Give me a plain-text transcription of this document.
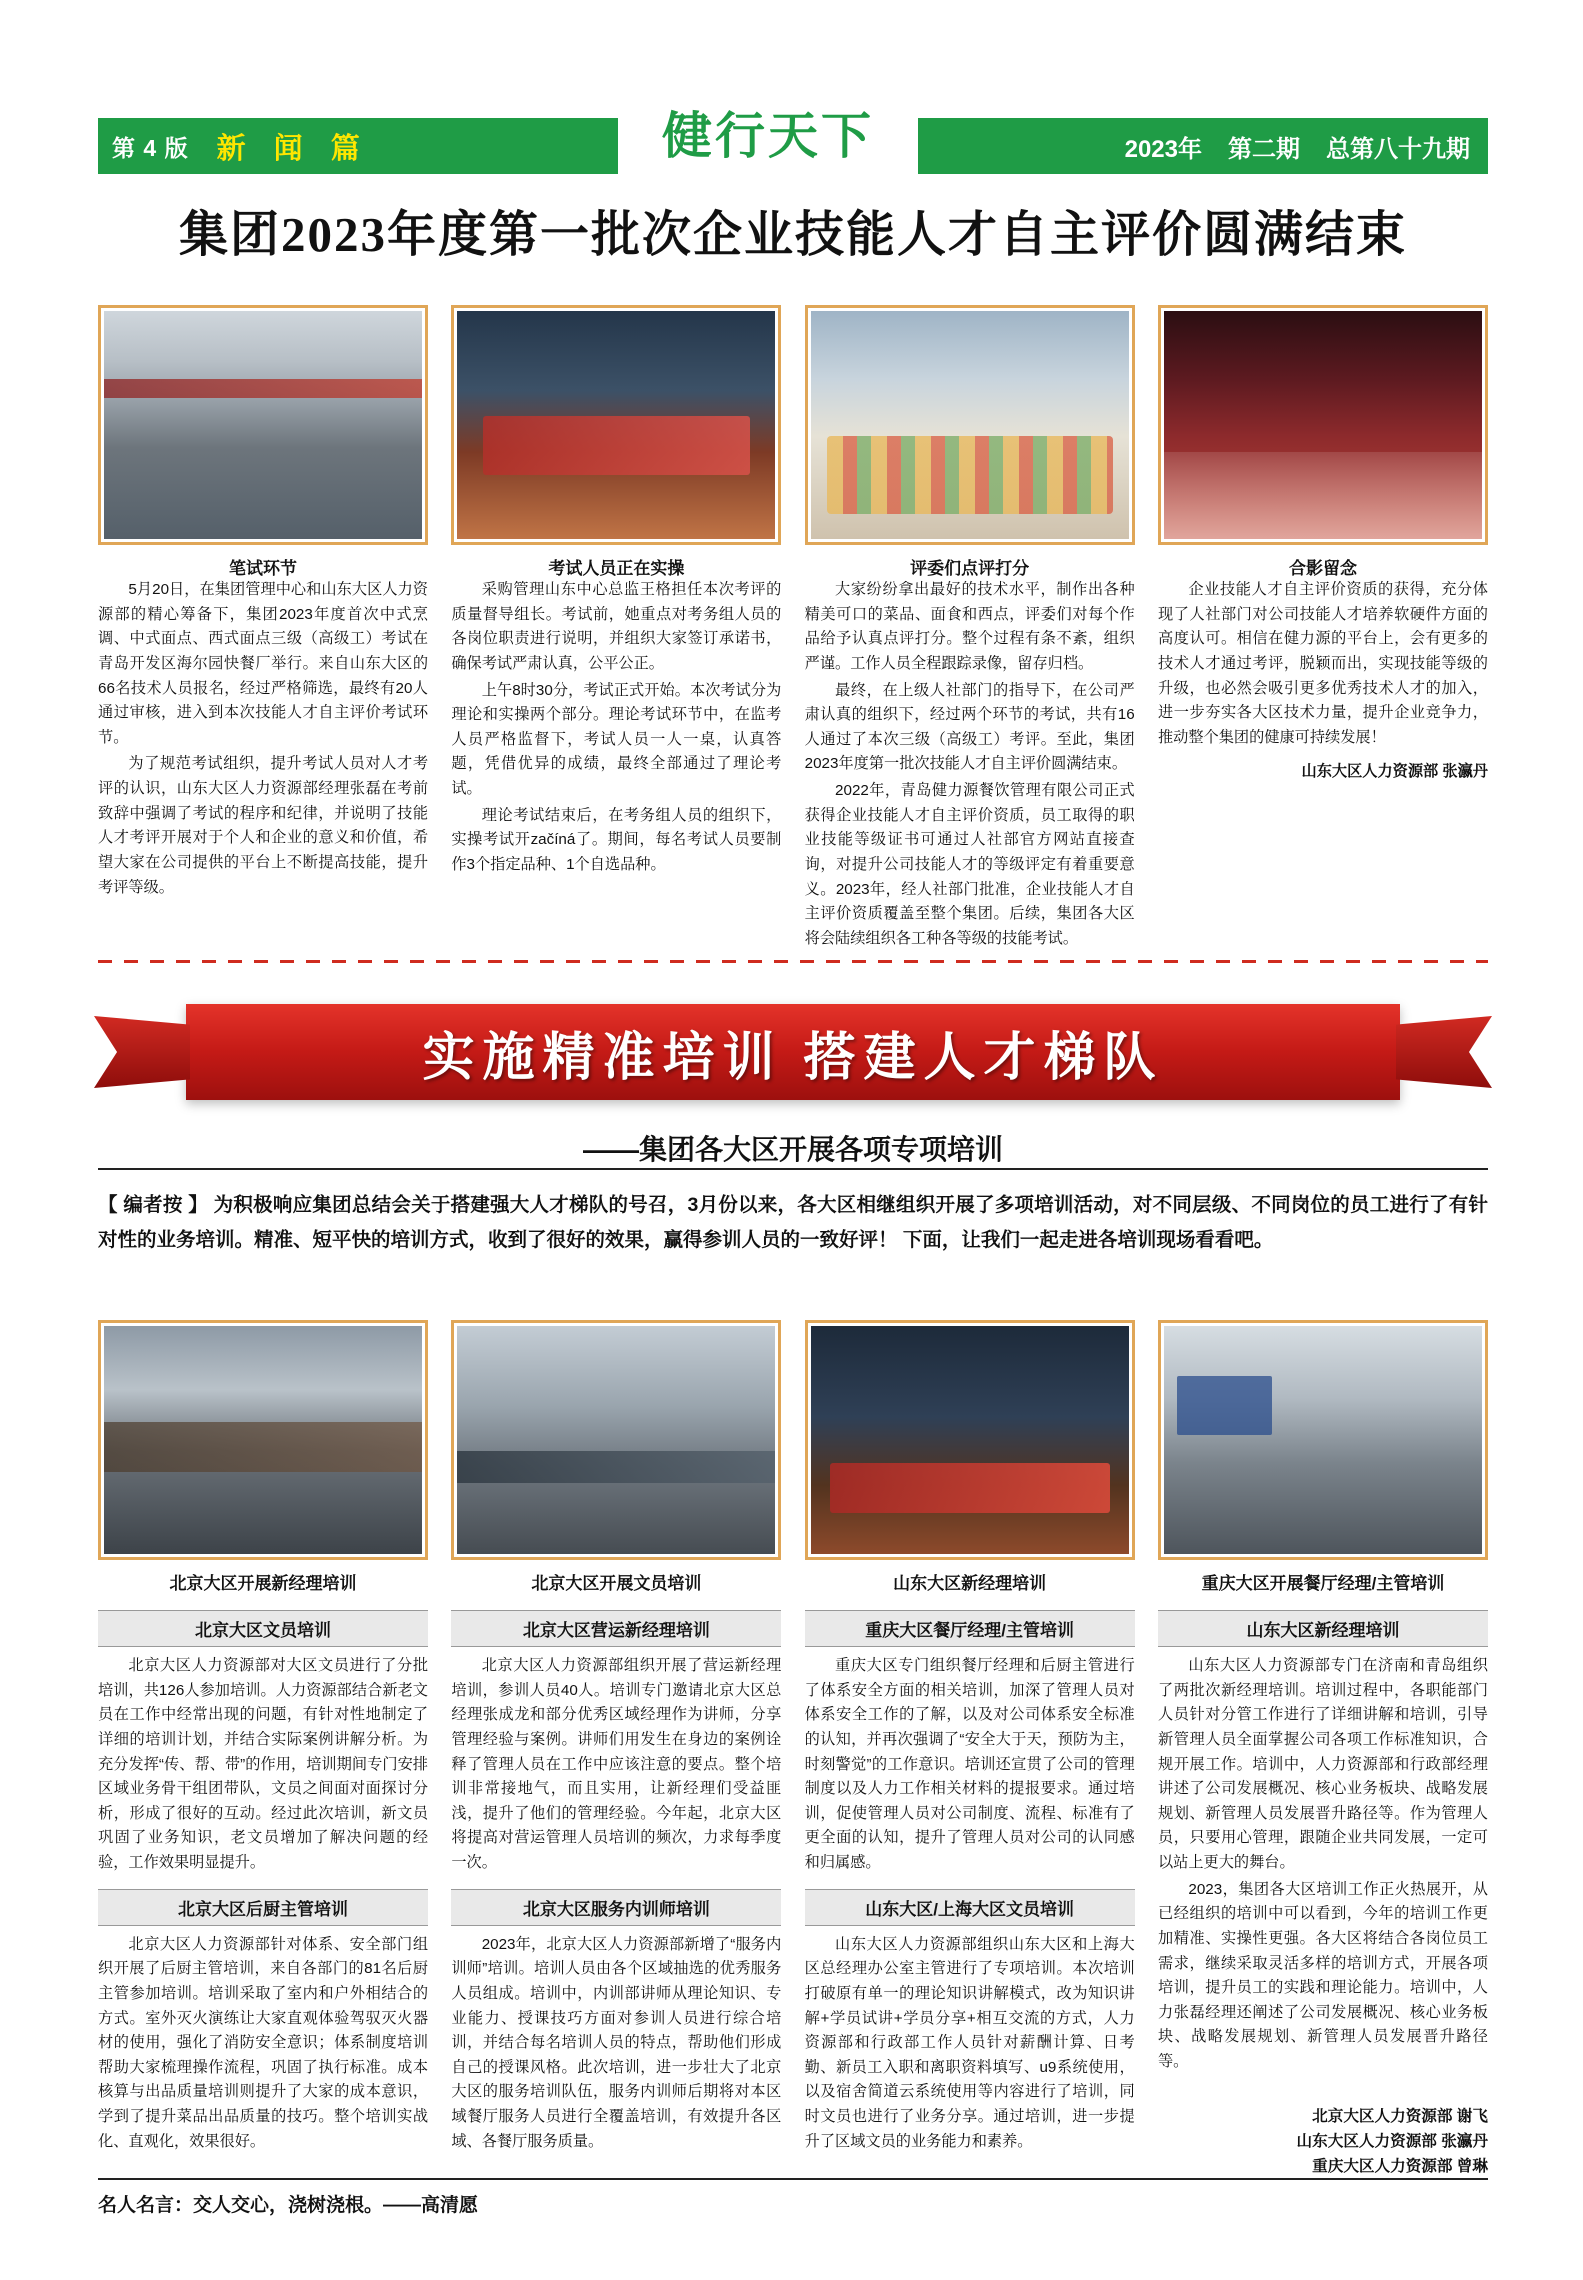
第 4 版 新 闻 篇	2023年 第二期 总第八十九期
健行天下
集团2023年度第一批次企业技能人才自主评价圆满结束
笔试环节	考试人员正在实操	评委们点评打分	合影留念

5月20日，在集团管理中心和山东大区人力资源部的精心筹备下，集团2023年度首次中式烹调、中式面点、西式面点三级（高级工）考试在青岛开发区海尔园快餐厂举行。来自山东大区的66名技术人员报名，经过严格筛选，最终有20人通过审核，进入到本次技能人才自主评价考试环节。

为了规范考试组织，提升考试人员对人才考评的认识，山东大区人力资源部经理张磊在考前致辞中强调了考试的程序和纪律，并说明了技能人才考评开展对于个人和企业的意义和价值，希望大家在公司提供的平台上不断提高技能，提升考评等级。

采购管理山东中心总监王格担任本次考评的质量督导组长。考试前，她重点对考务组人员的各岗位职责进行说明，并组织大家签订承诺书，确保考试严肃认真，公平公正。

上午8时30分，考试正式开始。本次考试分为理论和实操两个部分。理论考试环节中，在监考人员严格监督下，考试人员一人一桌，认真答题，凭借优异的成绩，最终全部通过了理论考试。

理论考试结束后，在考务组人员的组织下，实操考试开začíná了。期间，每名考试人员要制作3个指定品种、1个自选品种。

大家纷纷拿出最好的技术水平，制作出各种精美可口的菜品、面食和西点，评委们对每个作品给予认真点评打分。整个过程有条不紊，组织严谨。工作人员全程跟踪录像，留存归档。

最终，在上级人社部门的指导下，在公司严肃认真的组织下，经过两个环节的考试，共有16人通过了本次三级（高级工）考评。至此，集团2023年度第一批次技能人才自主评价圆满结束。

2022年，青岛健力源餐饮管理有限公司正式获得企业技能人才自主评价资质，员工取得的职业技能等级证书可通过人社部官方网站直接查询，对提升公司技能人才的等级评定有着重要意义。2023年，经人社部门批准，企业技能人才自主评价资质覆盖至整个集团。后续，集团各大区将会陆续组织各工种各等级的技能考试。

企业技能人才自主评价资质的获得，充分体现了人社部门对公司技能人才培养软硬件方面的高度认可。相信在健力源的平台上，会有更多的技术人才通过考评，脱颖而出，实现技能等级的升级，也必然会吸引更多优秀技术人才的加入，进一步夯实各大区技术力量，提升企业竞争力，推动整个集团的健康可持续发展！

山东大区人力资源部 张瀛丹
实施精准培训 搭建人才梯队
——集团各大区开展各项专项培训
【 编者按 】 为积极响应集团总结会关于搭建强大人才梯队的号召，3月份以来，各大区相继组织开展了多项培训活动，对不同层级、不同岗位的员工进行了有针对性的业务培训。精准、短平快的培训方式，收到了很好的效果，赢得参训人员的一致好评！ 下面，让我们一起走进各培训现场看看吧。
北京大区开展新经理培训	北京大区开展文员培训	山东大区新经理培训	重庆大区开展餐厅经理/主管培训
北京大区文员培训

北京大区人力资源部对大区文员进行了分批培训，共126人参加培训。人力资源部结合新老文员在工作中经常出现的问题，有针对性地制定了详细的培训计划，并结合实际案例讲解分析。为充分发挥“传、帮、带”的作用，培训期间专门安排区域业务骨干组团带队，文员之间面对面探讨分析，形成了很好的互动。经过此次培训，新文员巩固了业务知识，老文员增加了解决问题的经验，工作效果明显提升。

北京大区后厨主管培训

北京大区人力资源部针对体系、安全部门组织开展了后厨主管培训，来自各部门的81名后厨主管参加培训。培训采取了室内和户外相结合的方式。室外灭火演练让大家直观体验驾驭灭火器材的使用，强化了消防安全意识；体系制度培训帮助大家梳理操作流程，巩固了执行标准。成本核算与出品质量培训则提升了大家的成本意识，学到了提升菜品出品质量的技巧。整个培训实战化、直观化，效果很好。

北京大区营运新经理培训

北京大区人力资源部组织开展了营运新经理培训，参训人员40人。培训专门邀请北京大区总经理张成龙和部分优秀区域经理作为讲师，分享管理经验与案例。讲师们用发生在身边的案例诠释了管理人员在工作中应该注意的要点。整个培训非常接地气，而且实用，让新经理们受益匪浅，提升了他们的管理经验。今年起，北京大区将提高对营运管理人员培训的频次，力求每季度一次。

北京大区服务内训师培训

2023年，北京大区人力资源部新增了“服务内训师”培训。培训人员由各个区域抽选的优秀服务人员组成。培训中，内训部讲师从理论知识、专业能力、授课技巧方面对参训人员进行综合培训，并结合每名培训人员的特点，帮助他们形成自己的授课风格。此次培训，进一步壮大了北京大区的服务培训队伍，服务内训师后期将对本区域餐厅服务人员进行全覆盖培训，有效提升各区域、各餐厅服务质量。

重庆大区餐厅经理/主管培训

重庆大区专门组织餐厅经理和后厨主管进行了体系安全方面的相关培训，加深了管理人员对体系安全工作的了解，以及对公司体系安全标准的认知，并再次强调了“安全大于天，预防为主，时刻警觉”的工作意识。培训还宣贯了公司的管理制度以及人力工作相关材料的提报要求。通过培训，促使管理人员对公司制度、流程、标准有了更全面的认知，提升了管理人员对公司的认同感和归属感。

山东大区/上海大区文员培训

山东大区人力资源部组织山东大区和上海大区总经理办公室主管进行了专项培训。本次培训打破原有单一的理论知识讲解模式，改为知识讲解+学员试讲+学员分享+相互交流的方式，人力资源部和行政部工作人员针对薪酬计算、日考勤、新员工入职和离职资料填写、u9系统使用，以及宿舍简道云系统使用等内容进行了培训，同时文员也进行了业务分享。通过培训，进一步提升了区域文员的业务能力和素养。

山东大区新经理培训

山东大区人力资源部专门在济南和青岛组织了两批次新经理培训。培训过程中，各职能部门人员针对分管工作进行了详细讲解和培训，引导新管理人员全面掌握公司各项工作标准知识，合规开展工作。培训中，人力资源部和行政部经理讲述了公司发展概况、核心业务板块、战略发展规划、新管理人员发展晋升路径等。作为管理人员，只要用心管理，跟随企业共同发展，一定可以站上更大的舞台。

2023，集团各大区培训工作正火热展开，从已经组织的培训中可以看到，今年的培训工作更加精准、实操性更强。各大区将结合各岗位员工需求，继续采取灵活多样的培训方式，开展各项培训，提升员工的实践和理论能力。培训中，人力张磊经理还阐述了公司发展概况、核心业务板块、战略发展规划、新管理人员发展晋升路径等。

北京大区人力资源部 谢飞
山东大区人力资源部 张瀛丹
重庆大区人力资源部 曾琳
名人名言：交人交心，浇树浇根。——高清愿
